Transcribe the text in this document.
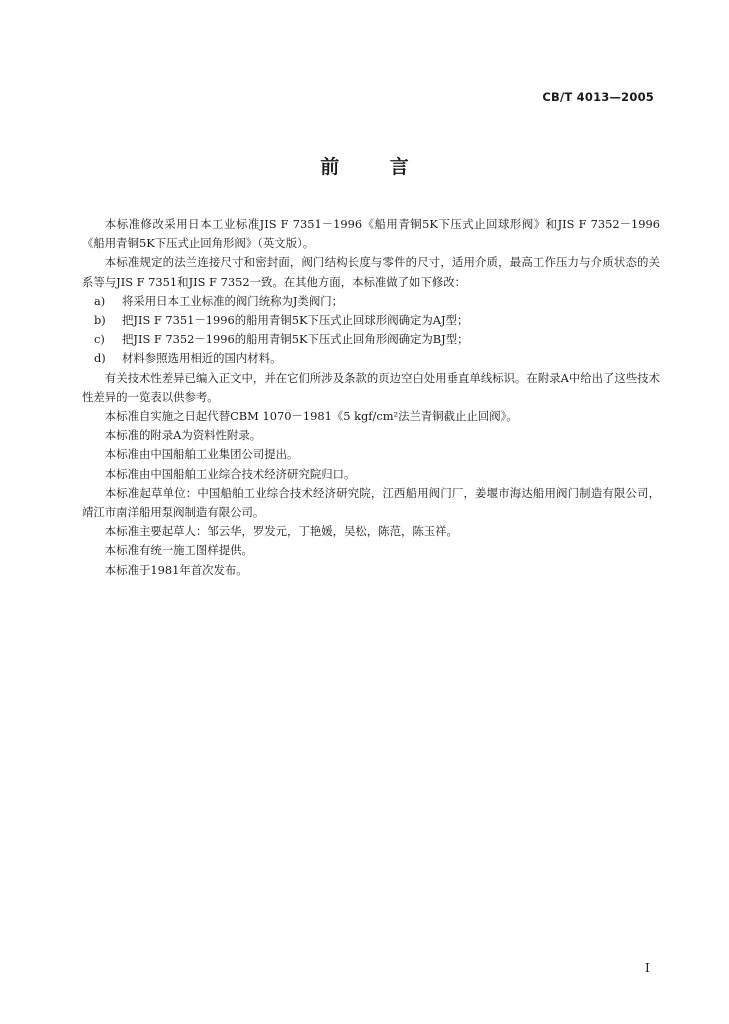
CB/T 4013—2005
前 言

本标准修改采用日本工业标准JIS F 7351－1996《船用青铜5K下压式止回球形阀》和JIS F 7352－1996《船用青铜5K下压式止回角形阀》（英文版）。

本标准规定的法兰连接尺寸和密封面，阀门结构长度与零件的尺寸，适用介质，最高工作压力与介质状态的关系等与JIS F 7351和JIS F 7352一致。在其他方面，本标准做了如下修改：

a) 将采用日本工业标准的阀门统称为J类阀门；

b) 把JIS F 7351－1996的船用青铜5K下压式止回球形阀确定为AJ型；

c) 把JIS F 7352－1996的船用青铜5K下压式止回角形阀确定为BJ型；

d) 材料参照选用相近的国内材料。

有关技术性差异已编入正文中，并在它们所涉及条款的页边空白处用垂直单线标识。在附录A中给出了这些技术性差异的一览表以供参考。

本标准自实施之日起代替CBM 1070－1981《5 kgf/cm²法兰青铜截止止回阀》。

本标准的附录A为资料性附录。

本标准由中国船舶工业集团公司提出。

本标准由中国船舶工业综合技术经济研究院归口。

本标准起草单位：中国船舶工业综合技术经济研究院，江西船用阀门厂，姜堰市海达船用阀门制造有限公司，靖江市南洋船用泵阀制造有限公司。

本标准主要起草人：邹云华，罗发元，丁艳媛，吴松，陈范，陈玉祥。

本标准有统一施工图样提供。

本标准于1981年首次发布。

I
